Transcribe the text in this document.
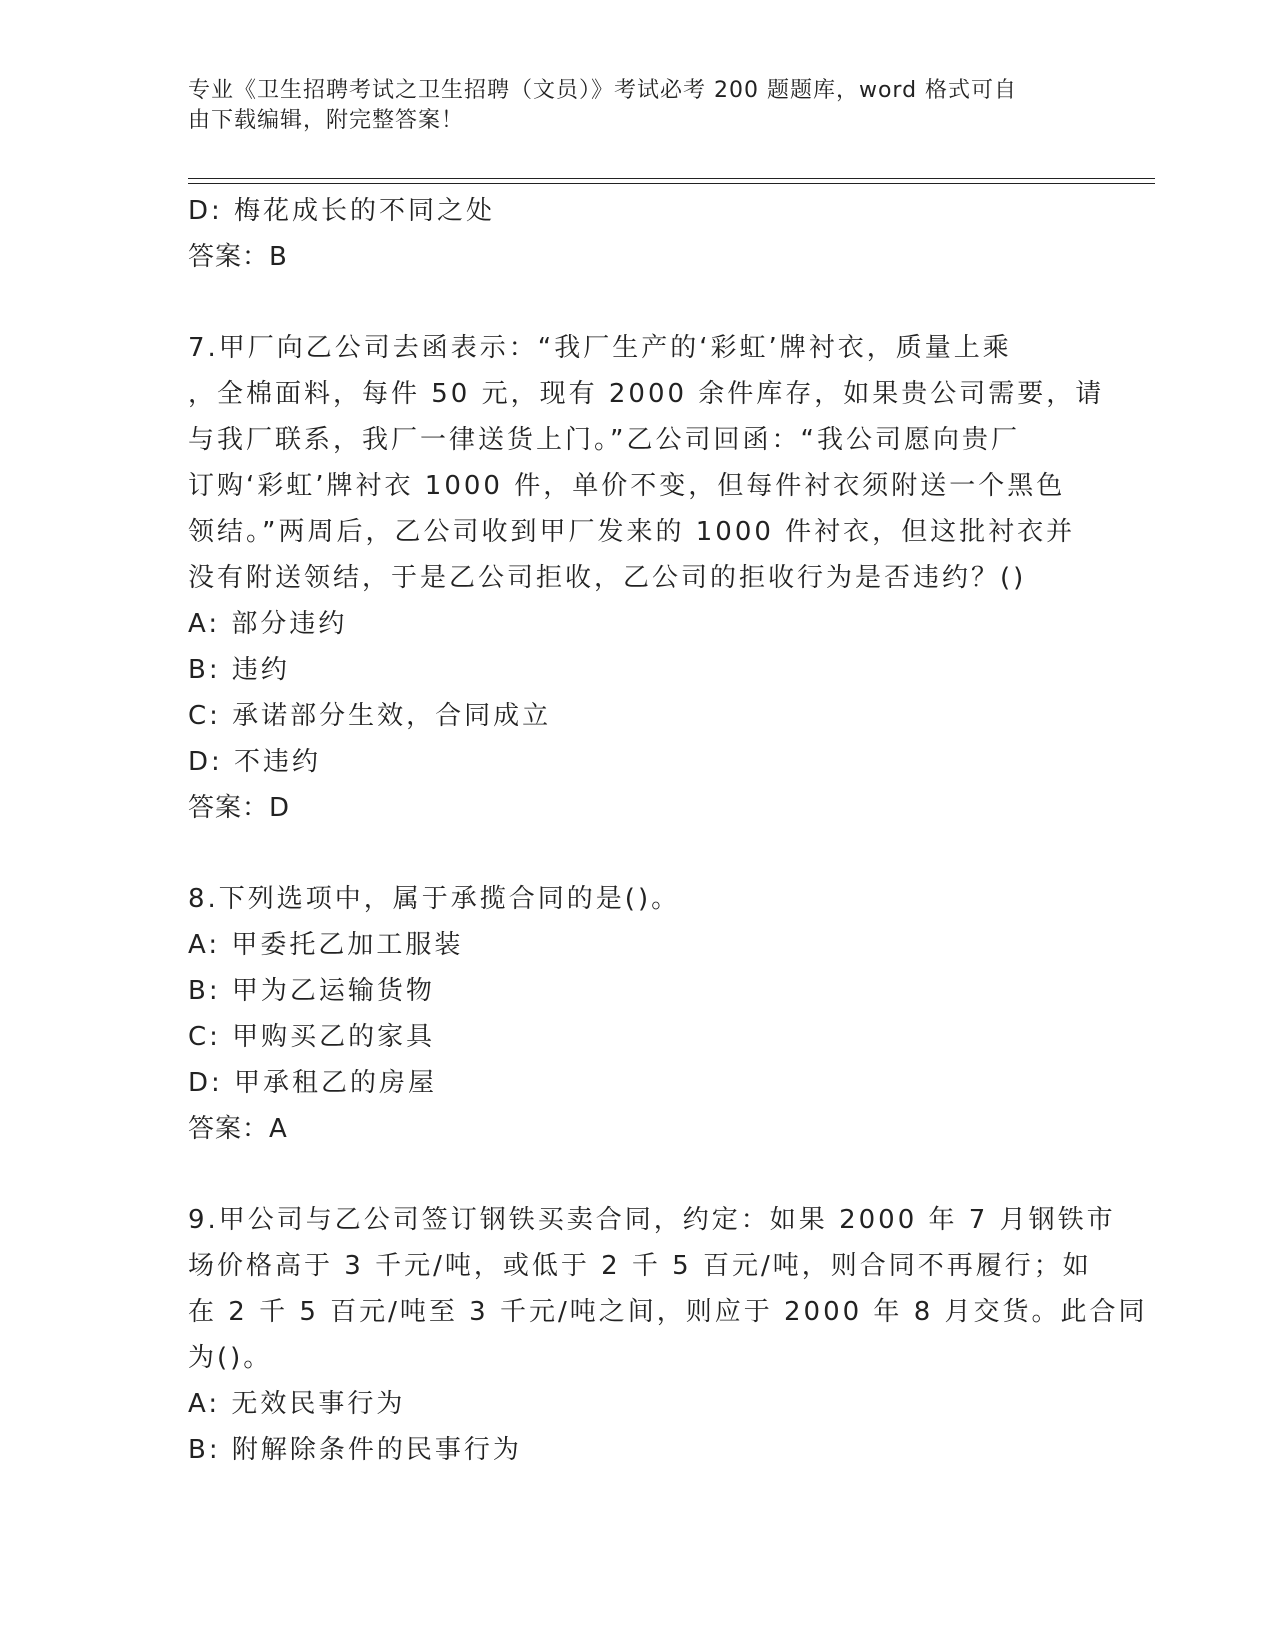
专业《卫生招聘考试之卫生招聘（文员）》考试必考 200 题题库，word 格式可自
由下载编辑，附完整答案！
D: 梅花成长的不同之处
答案：B
7.甲厂向乙公司去函表示：“我厂生产的‘彩虹’牌衬衣，质量上乘
，全棉面料，每件 50 元，现有 2000 余件库存，如果贵公司需要，请
与我厂联系，我厂一律送货上门。”乙公司回函：“我公司愿向贵厂
订购‘彩虹’牌衬衣 1000 件，单价不变，但每件衬衣须附送一个黑色
领结。”两周后，乙公司收到甲厂发来的 1000 件衬衣，但这批衬衣并
没有附送领结，于是乙公司拒收，乙公司的拒收行为是否违约？()
A: 部分违约
B: 违约
C: 承诺部分生效，合同成立
D: 不违约
答案：D
8.下列选项中，属于承揽合同的是()。
A: 甲委托乙加工服装
B: 甲为乙运输货物
C: 甲购买乙的家具
D: 甲承租乙的房屋
答案：A
9.甲公司与乙公司签订钢铁买卖合同，约定：如果 2000 年 7 月钢铁市
场价格高于 3 千元/吨，或低于 2 千 5 百元/吨，则合同不再履行；如
在 2 千 5 百元/吨至 3 千元/吨之间，则应于 2000 年 8 月交货。此合同
为()。
A: 无效民事行为
B: 附解除条件的民事行为
